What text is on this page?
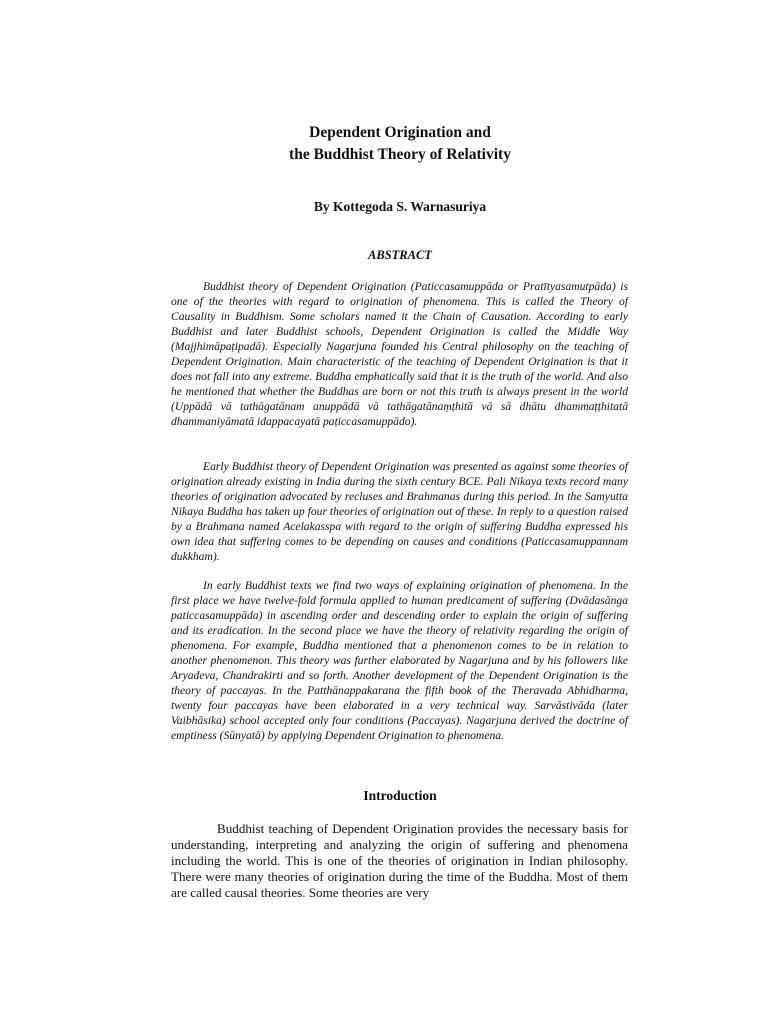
Dependent Origination and
the Buddhist Theory of Relativity
By Kottegoda S. Warnasuriya
ABSTRACT

Buddhist theory of Dependent Origination (Paticcasamuppāda or Pratītyasamutpāda) is one of the theories with regard to origination of phenomena. This is called the Theory of Causality in Buddhism. Some scholars named it the Chain of Causation. According to early Buddhist and later Buddhist schools, Dependent Origination is called the Middle Way (Majjhimāpaṭipadā). Especially Nagarjuna founded his Central philosophy on the teaching of Dependent Origination. Main characteristic of the teaching of Dependent Origination is that it does not fall into any extreme. Buddha emphatically said that it is the truth of the world. And also he mentioned that whether the Buddhas are born or not this truth is always present in the world (Uppādā vā tathāgatānam anuppādā vā tathāgatānaṃṭhitā vā sā dhātu dhammaṭṭhitatā dhammaniyāmatā idappacayatā paṭiccasamuppādo).

Early Buddhist theory of Dependent Origination was presented as against some theories of origination already existing in India during the sixth century BCE. Pali Nikaya texts record many theories of origination advocated by recluses and Brahmanas during this period. In the Samyutta Nikaya Buddha has taken up four theories of origination out of these. In reply to a question raised by a Brahmana named Acelakasspa with regard to the origin of suffering Buddha expressed his own idea that suffering comes to be depending on causes and conditions (Paticcasamuppannam dukkham).

In early Buddhist texts we find two ways of explaining origination of phenomena. In the first place we have twelve-fold formula applied to human predicament of suffering (Dvādasānga paticcasamuppāda) in ascending order and descending order to explain the origin of suffering and its eradication. In the second place we have the theory of relativity regarding the origin of phenomena. For example, Buddha mentioned that a phenomenon comes to be in relation to another phenomenon. This theory was further elaborated by Nagarjuna and by his followers like Aryadeva, Chandrakirti and so forth. Another development of the Dependent Origination is the theory of paccayas. In the Patthānappakarana the fifth book of the Theravada Abhidharma, twenty four paccayas have been elaborated in a very technical way. Sarvāstivāda (later Vaibhāsika) school accepted only four conditions (Paccayas). Nagarjuna derived the doctrine of emptiness (Sūnyatā) by applying Dependent Origination to phenomena.

Introduction

Buddhist teaching of Dependent Origination provides the necessary basis for understanding, interpreting and analyzing the origin of suffering and phenomena including the world. This is one of the theories of origination in Indian philosophy. There were many theories of origination during the time of the Buddha. Most of them are called causal theories. Some theories are very
